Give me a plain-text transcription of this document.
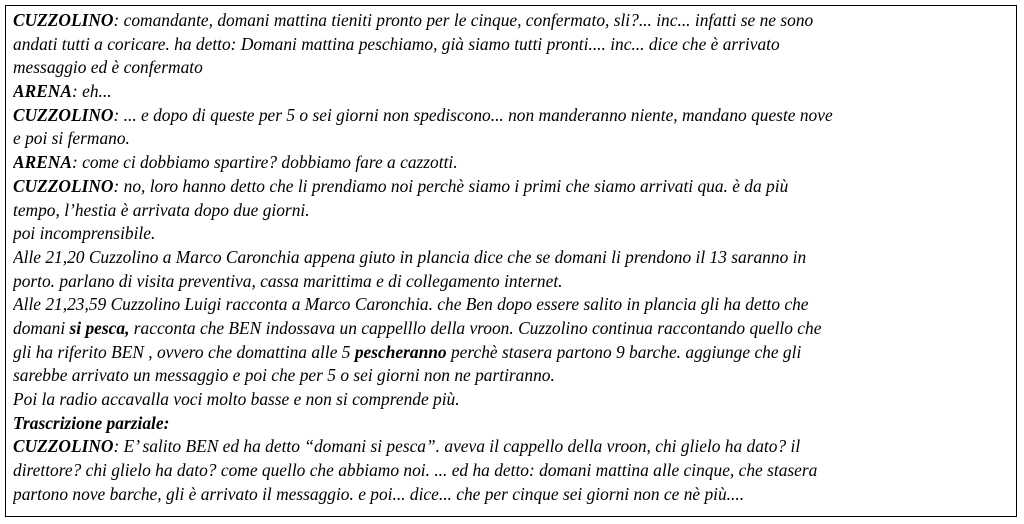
CUZZOLINO: comandante, domani mattina tieniti pronto per le cinque, confermato, sli?... inc... infatti se ne sono
andati tutti a coricare. ha detto: Domani mattina peschiamo, già siamo tutti pronti.... inc... dice che è arrivato
messaggio ed è confermato
ARENA: eh...
CUZZOLINO: ... e dopo di queste per 5 o sei giorni non spediscono... non manderanno niente, mandano queste nove
e poi si fermano.
ARENA: come ci dobbiamo spartire? dobbiamo fare a cazzotti.
CUZZOLINO: no, loro hanno detto che li prendiamo noi perchè siamo i primi che siamo arrivati qua. è da più
tempo, l’hestia è arrivata dopo due giorni.
poi incomprensibile.
Alle 21,20 Cuzzolino a Marco Caronchia appena giuto in plancia dice che se domani li prendono il 13 saranno in
porto. parlano di visita preventiva, cassa marittima e di collegamento internet.
Alle 21,23,59 Cuzzolino Luigi racconta a Marco Caronchia. che Ben dopo essere salito in plancia gli ha detto che
domani si pesca, racconta che BEN indossava un cappelllo della vroon. Cuzzolino continua raccontando quello che
gli ha riferito BEN , ovvero che domattina alle 5 pescheranno perchè stasera partono 9 barche. aggiunge che gli
sarebbe arrivato un messaggio e poi che per 5 o sei giorni non ne partiranno.
Poi la radio accavalla voci molto basse e non si comprende più.
Trascrizione parziale:
CUZZOLINO: E’ salito BEN ed ha detto “domani si pesca”. aveva il cappello della vroon, chi glielo ha dato? il
direttore? chi glielo ha dato? come quello che abbiamo noi. ... ed ha detto: domani mattina alle cinque, che stasera
partono nove barche, gli è arrivato il messaggio. e poi... dice... che per cinque sei giorni non ce nè più....
